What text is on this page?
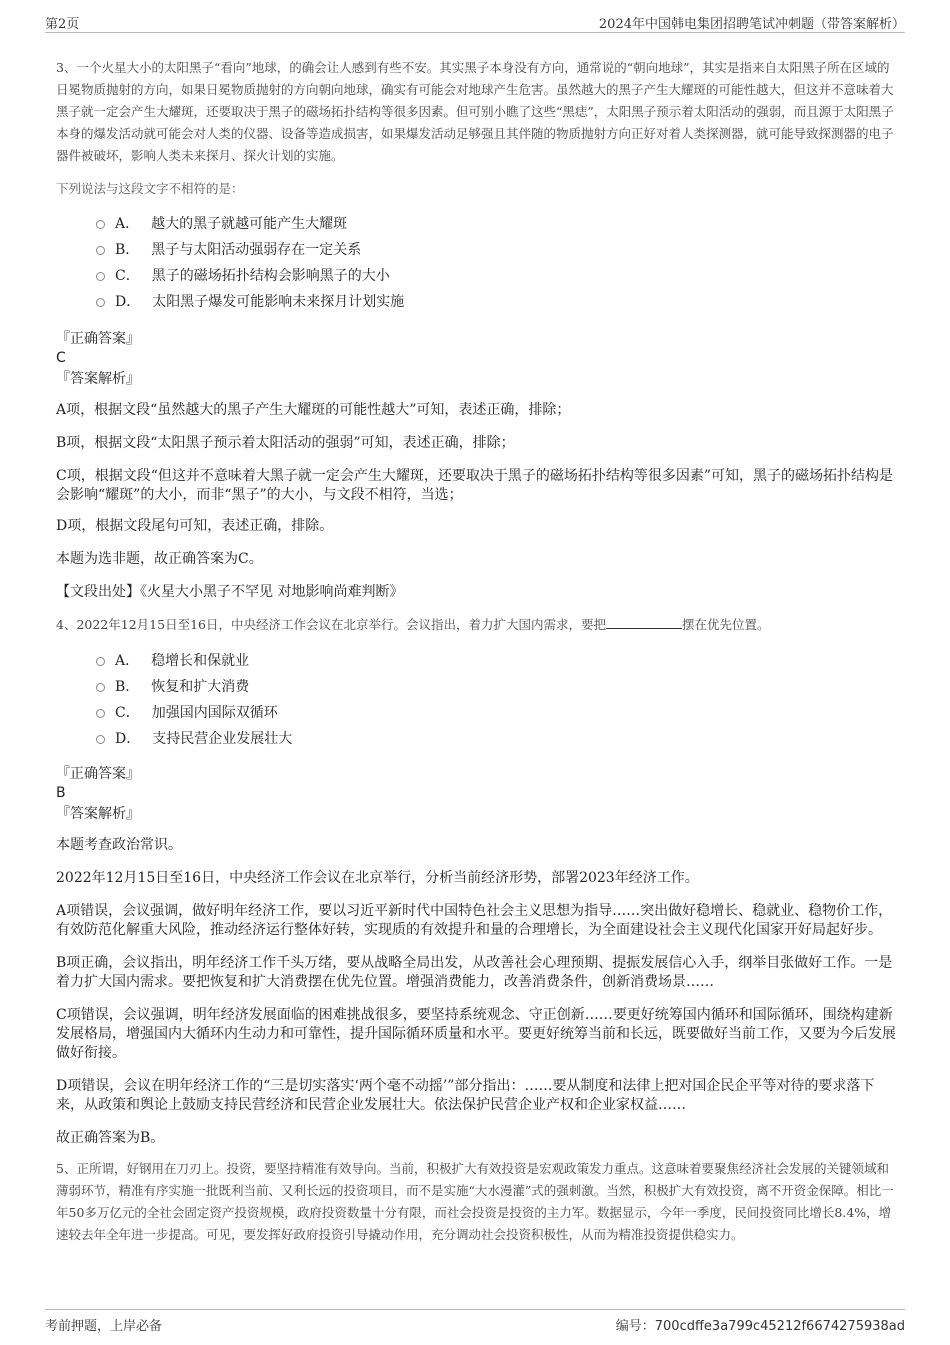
第2页	2024年中国韩电集团招聘笔试冲刺题（带答案解析）

3、一个火星大小的太阳黑子“看向”地球，的确会让人感到有些不安。其实黑子本身没有方向，通常说的“朝向地球”，其实是指来自太阳黑子所在区域的日冕物质抛射的方向，如果日冕物质抛射的方向朝向地球，确实有可能会对地球产生危害。虽然越大的黑子产生大耀斑的可能性越大，但这并不意味着大黑子就一定会产生大耀斑，还要取决于黑子的磁场拓扑结构等很多因素。但可别小瞧了这些“黑痣”，太阳黑子预示着太阳活动的强弱，而且源于太阳黑子本身的爆发活动就可能会对人类的仪器、设备等造成损害，如果爆发活动足够强且其伴随的物质抛射方向正好对着人类探测器，就可能导致探测器的电子器件被破坏，影响人类未来探月、探火计划的实施。

下列说法与这段文字不相符的是：

A． 越大的黑子就越可能产生大耀斑
B． 黑子与太阳活动强弱存在一定关系
C． 黑子的磁场拓扑结构会影响黑子的大小
D． 太阳黑子爆发可能影响未来探月计划实施

『正确答案』

C

『答案解析』

A项，根据文段“虽然越大的黑子产生大耀斑的可能性越大”可知，表述正确，排除；

B项，根据文段“太阳黑子预示着太阳活动的强弱”可知，表述正确，排除；

C项，根据文段“但这并不意味着大黑子就一定会产生大耀斑，还要取决于黑子的磁场拓扑结构等很多因素”可知，黑子的磁场拓扑结构是会影响“耀斑”的大小，而非“黑子”的大小，与文段不相符，当选；

D项，根据文段尾句可知，表述正确，排除。

本题为选非题，故正确答案为C。

【文段出处】《火星大小黑子不罕见 对地影响尚难判断》

4、2022年12月15日至16日，中央经济工作会议在北京举行。会议指出，着力扩大国内需求，要把	摆在优先位置。

A． 稳增长和保就业
B． 恢复和扩大消费
C． 加强国内国际双循环
D． 支持民营企业发展壮大

『正确答案』

B

『答案解析』

本题考查政治常识。

2022年12月15日至16日，中央经济工作会议在北京举行，分析当前经济形势，部署2023年经济工作。

A项错误，会议强调，做好明年经济工作，要以习近平新时代中国特色社会主义思想为指导……突出做好稳增长、稳就业、稳物价工作，有效防范化解重大风险，推动经济运行整体好转，实现质的有效提升和量的合理增长，为全面建设社会主义现代化国家开好局起好步。

B项正确，会议指出，明年经济工作千头万绪，要从战略全局出发，从改善社会心理预期、提振发展信心入手，纲举目张做好工作。一是着力扩大国内需求。要把恢复和扩大消费摆在优先位置。增强消费能力，改善消费条件，创新消费场景……

C项错误，会议强调，明年经济发展面临的困难挑战很多，要坚持系统观念、守正创新……要更好统筹国内循环和国际循环，围绕构建新发展格局，增强国内大循环内生动力和可靠性，提升国际循环质量和水平。要更好统筹当前和长远，既要做好当前工作，又要为今后发展做好衔接。

D项错误，会议在明年经济工作的“三是切实落实‘两个毫不动摇’”部分指出：……要从制度和法律上把对国企民企平等对待的要求落下来，从政策和舆论上鼓励支持民营经济和民营企业发展壮大。依法保护民营企业产权和企业家权益……

故正确答案为B。

5、正所谓，好钢用在刀刃上。投资，要坚持精准有效导向。当前，积极扩大有效投资是宏观政策发力重点。这意味着要聚焦经济社会发展的关键领域和薄弱环节，精准有序实施一批既利当前、又利长远的投资项目，而不是实施“大水漫灌”式的强刺激。当然，积极扩大有效投资，离不开资金保障。相比一年50多万亿元的全社会固定资产投资规模，政府投资数量十分有限，而社会投资是投资的主力军。数据显示，今年一季度，民间投资同比增长8.4%，增速较去年全年进一步提高。可见，要发挥好政府投资引导撬动作用，充分调动社会投资积极性，从而为精准投资提供稳实力。

考前押题，上岸必备	编号：700cdffe3a799c45212f6674275938ad
